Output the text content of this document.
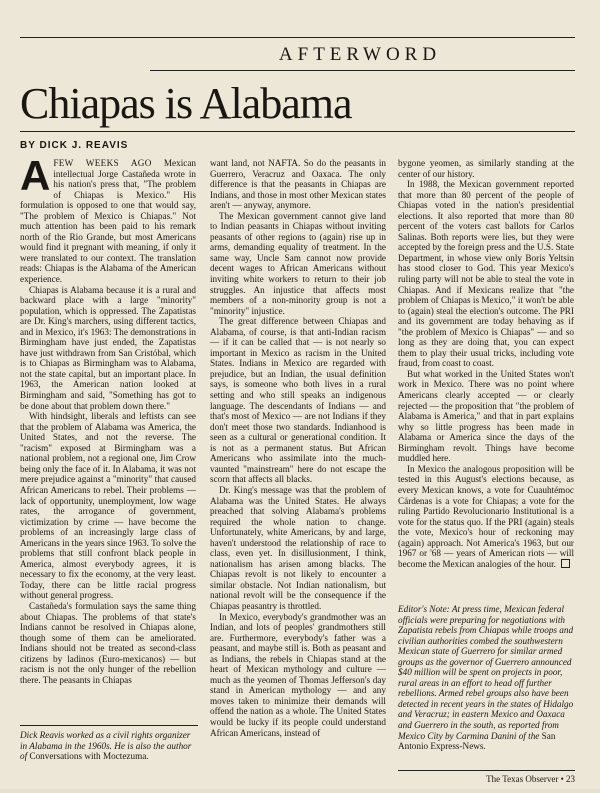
AFTERWORD
Chiapas is Alabama
BY DICK J. REAVIS

AFEW WEEKS AGO Mexican intellectual Jorge Castañeda wrote in his nation's press that, "The problem of Chiapas is Mexico." His formulation is opposed to one that would say, "The problem of Mexico is Chiapas." Not much attention has been paid to his remark north of the Rio Grande, but most Americans would find it pregnant with meaning, if only it were translated to our context. The translation reads: Chiapas is the Alabama of the American experience.

Chiapas is Alabama because it is a rural and backward place with a large "minority" population, which is oppressed. The Zapatistas are Dr. King's marchers, using different tactics, and in Mexico, it's 1963: The demonstrations in Birmingham have just ended, the Zapatistas have just withdrawn from San Cristóbal, which is to Chiapas as Birmingham was to Alabama, not the state capital, but an important place. In 1963, the American nation looked at Birmingham and said, "Something has got to be done about that problem down there."

With hindsight, liberals and leftists can see that the problem of Alabama was America, the United States, and not the reverse. The "racism" exposed at Birmingham was a national problem, not a regional one, Jim Crow being only the face of it. In Alabama, it was not mere prejudice against a "minority" that caused African Americans to rebel. Their problems — lack of opportunity, unemployment, low wage rates, the arrogance of government, victimization by crime — have become the problems of an increasingly large class of Americans in the years since 1963. To solve the problems that still confront black people in America, almost everybody agrees, it is necessary to fix the economy, at the very least. Today, there can be little racial progress without general progress.

Castañeda's formulation says the same thing about Chiapas. The problems of that state's Indians cannot be resolved in Chiapas alone, though some of them can be ameliorated. Indians should not be treated as second-class citizens by ladinos (Euro-mexicanos) — but racism is not the only hunger of the rebellion there. The peasants in Chiapas

Dick Reavis worked as a civil rights organizer in Alabama in the 1960s. He is also the author of Conversations with Moctezuma.

want land, not NAFTA. So do the peasants in Guerrero, Veracruz and Oaxaca. The only difference is that the peasants in Chiapas are Indians, and those in most other Mexican states aren't — anyway, anymore.

The Mexican government cannot give land to Indian peasants in Chiapas without inviting peasants of other regions to (again) rise up in arms, demanding equality of treatment. In the same way, Uncle Sam cannot now provide decent wages to African Americans without inviting white workers to return to their job struggles. An injustice that affects most members of a non-minority group is not a "minority" injustice.

The great difference between Chiapas and Alabama, of course, is that anti-Indian racism — if it can be called that — is not nearly so important in Mexico as racism in the United States. Indians in Mexico are regarded with prejudice, but an Indian, the usual definition says, is someone who both lives in a rural setting and who still speaks an indigenous language. The descendants of Indians — and that's most of Mexico — are not Indians if they don't meet those two standards. Indianhood is seen as a cultural or generational condition. It is not as a permanent status. But African Americans who assimilate into the much-vaunted "mainstream" here do not escape the scorn that affects all blacks.

Dr. King's message was that the problem of Alabama was the United States. He always preached that solving Alabama's problems required the whole nation to change. Unfortunately, white Americans, by and large, haven't understood the relationship of race to class, even yet. In disillusionment, I think, nationalism has arisen among blacks. The Chiapas revolt is not likely to encounter a similar obstacle. Not Indian nationalism, but national revolt will be the consequence if the Chiapas peasantry is throttled.

In Mexico, everybody's grandmother was an Indian, and lots of peoples' grandmothers still are. Furthermore, everybody's father was a peasant, and maybe still is. Both as peasant and as Indians, the rebels in Chiapas stand at the heart of Mexican mythology and culture — much as the yeomen of Thomas Jefferson's day stand in American mythology — and any moves taken to minimize their demands will offend the nation as a whole. The United States would be lucky if its people could understand African Americans, instead of

bygone yeomen, as similarly standing at the center of our history.

In 1988, the Mexican government reported that more than 80 percent of the people of Chiapas voted in the nation's presidential elections. It also reported that more than 80 percent of the voters cast ballots for Carlos Salinas. Both reports were lies, but they were accepted by the foreign press and the U.S. State Department, in whose view only Boris Yeltsin has stood closer to God. This year Mexico's ruling party will not be able to steal the vote in Chiapas. And if Mexicans realize that "the problem of Chiapas is Mexico," it won't be able to (again) steal the election's outcome. The PRI and its government are today behaving as if "the problem of Mexico is Chiapas" — and so long as they are doing that, you can expect them to play their usual tricks, including vote fraud, from coast to coast.

But what worked in the United States won't work in Mexico. There was no point where Americans clearly accepted — or clearly rejected — the proposition that "the problem of Alabama is America," and that in part explains why so little progress has been made in Alabama or America since the days of the Birmingham revolt. Things have become muddled here.

In Mexico the analogous proposition will be tested in this August's elections because, as every Mexican knows, a vote for Cuauhtémoc Cárdenas is a vote for Chiapas; a vote for the ruling Partido Revolucionario Institutional is a vote for the status quo. If the PRI (again) steals the vote, Mexico's hour of reckoning may (again) approach. Not America's 1963, but our 1967 or '68 — years of American riots — will become the Mexican analogies of the hour.

Editor's Note: At press time, Mexican federal officials were preparing for negotiations with Zapatista rebels from Chiapas while troops and civilian authorities combed the southwestern Mexican state of Guerrero for similar armed groups as the governor of Guerrero announced $40 million will be spent on projects in poor, rural areas in an effort to head off further rebellions. Armed rebel groups also have been detected in recent years in the states of Hidalgo and Veracruz; in eastern Mexico and Oaxaca and Guerrero in the south, as reported from Mexico City by Carmina Danini of the San Antonio Express-News.
The Texas Observer • 23
